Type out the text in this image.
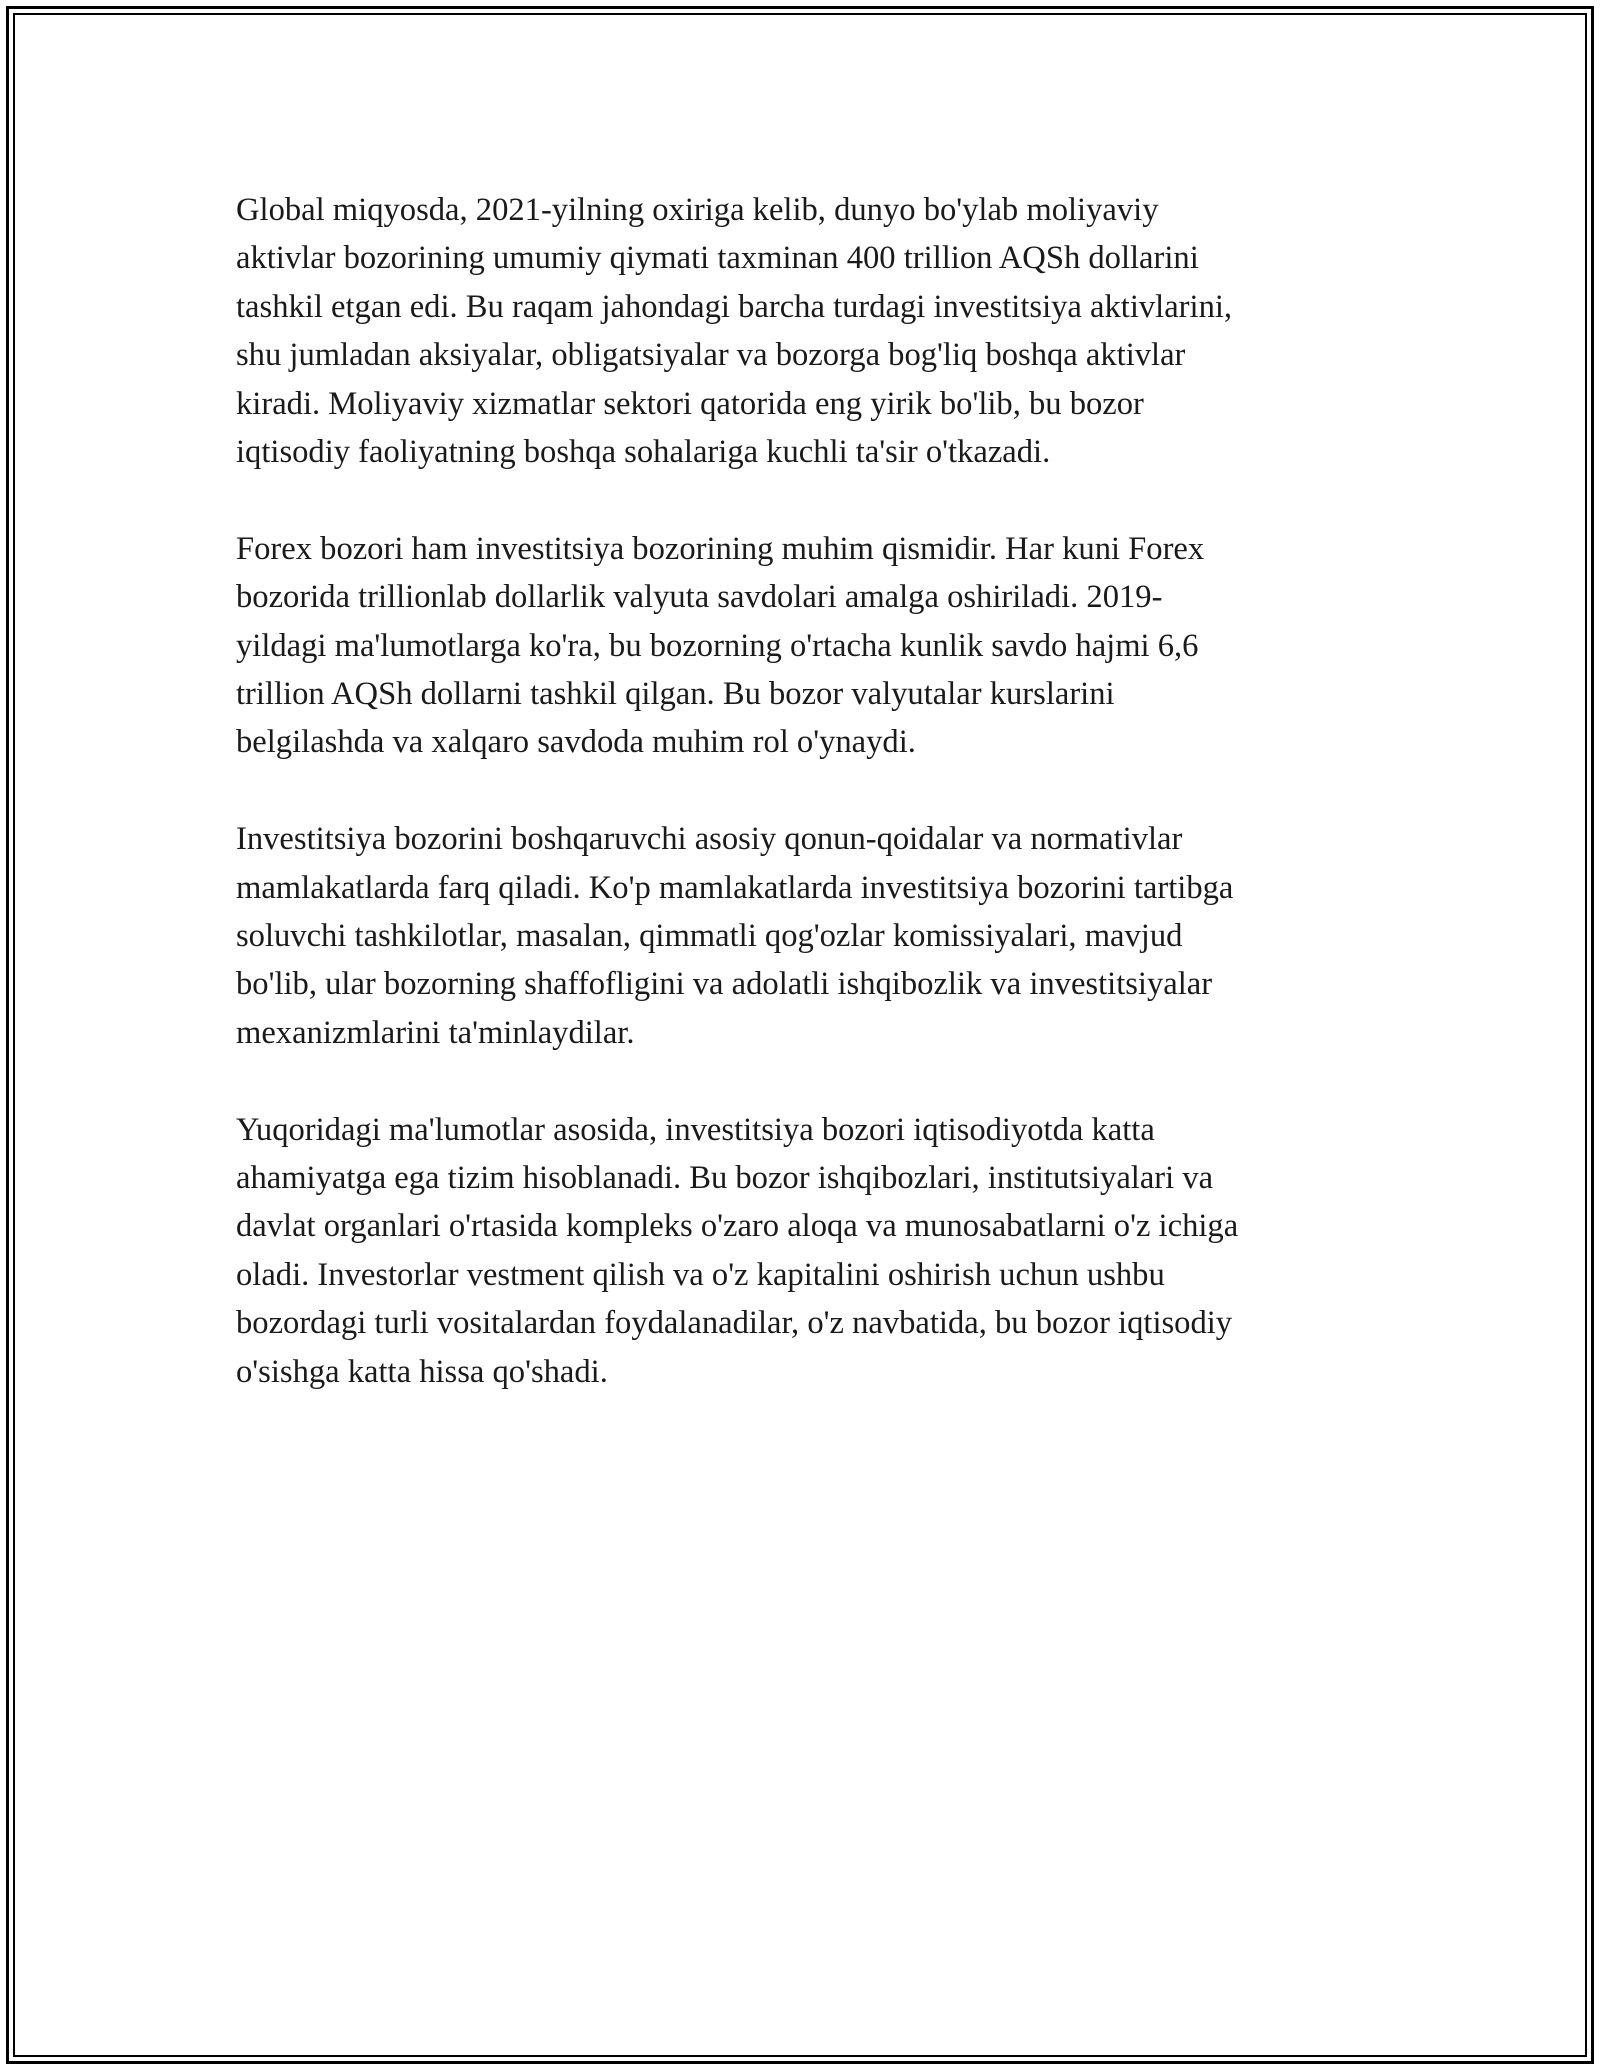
Global miqyosda, 2021-yilning oxiriga kelib, dunyo bo'ylab moliyaviy
aktivlar bozorining umumiy qiymati taxminan 400 trillion AQSh dollarini
tashkil etgan edi. Bu raqam jahondagi barcha turdagi investitsiya aktivlarini,
shu jumladan aksiyalar, obligatsiyalar va bozorga bog'liq boshqa aktivlar
kiradi. Moliyaviy xizmatlar sektori qatorida eng yirik bo'lib, bu bozor
iqtisodiy faoliyatning boshqa sohalariga kuchli ta'sir o'tkazadi.

Forex bozori ham investitsiya bozorining muhim qismidir. Har kuni Forex
bozorida trillionlab dollarlik valyuta savdolari amalga oshiriladi. 2019-
yildagi ma'lumotlarga ko'ra, bu bozorning o'rtacha kunlik savdo hajmi 6,6
trillion AQSh dollarni tashkil qilgan. Bu bozor valyutalar kurslarini
belgilashda va xalqaro savdoda muhim rol o'ynaydi.

Investitsiya bozorini boshqaruvchi asosiy qonun-qoidalar va normativlar
mamlakatlarda farq qiladi. Ko'p mamlakatlarda investitsiya bozorini tartibga
soluvchi tashkilotlar, masalan, qimmatli qog'ozlar komissiyalari, mavjud
bo'lib, ular bozorning shaffofligini va adolatli ishqibozlik va investitsiyalar
mexanizmlarini ta'minlaydilar.

Yuqoridagi ma'lumotlar asosida, investitsiya bozori iqtisodiyotda katta
ahamiyatga ega tizim hisoblanadi. Bu bozor ishqibozlari, institutsiyalari va
davlat organlari o'rtasida kompleks o'zaro aloqa va munosabatlarni o'z ichiga
oladi. Investorlar vestment qilish va o'z kapitalini oshirish uchun ushbu
bozordagi turli vositalardan foydalanadilar, o'z navbatida, bu bozor iqtisodiy
o'sishga katta hissa qo'shadi.
